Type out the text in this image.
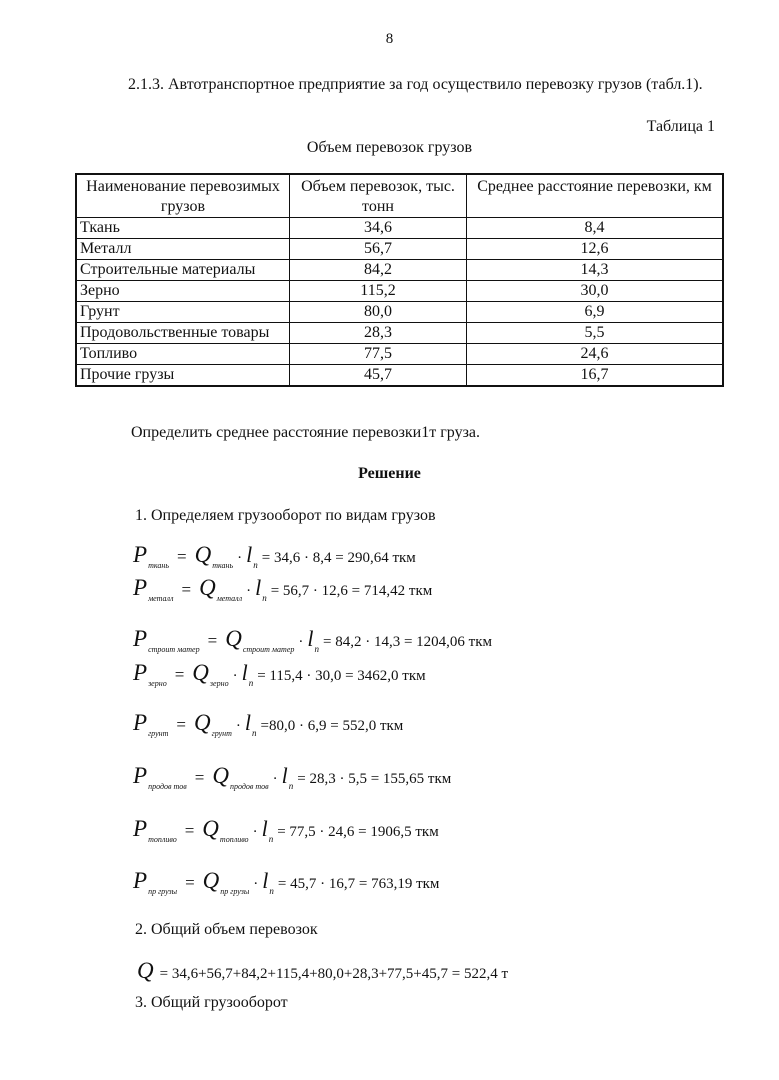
8
2.1.3. Автотранспортное предприятие за год осуществило перевозку грузов (табл.1).
Таблица 1
Объем перевозок грузов
Наименование перевозимых грузов	Объем перевозок, тыс. тонн	Среднее расстояние перевозки, км
Ткань	34,6	8,4
Металл	56,7	12,6
Строительные материалы	84,2	14,3
Зерно	115,2	30,0
Грунт	80,0	6,9
Продовольственные товары	28,3	5,5
Топливо	77,5	24,6
Прочие грузы	45,7	16,7
Определить среднее расстояние перевозки1т груза.
Решение
1. Определяем грузооборот по видам грузов
$P_{ткань} = Q_{ткань} \cdot l_п = 34,6 \cdot 8,4 = 290,64$ ткм
$P_{металл} = Q_{металл} \cdot l_п = 56,7 \cdot 12,6 = 714,42$ ткм
$P_{строит матер} = Q_{строит матер} \cdot l_п = 84,2 \cdot 14,3 = 1204,06$ ткм
$P_{зерно} = Q_{зерно} \cdot l_п = 115,4 \cdot 30,0 = 3462,0$ ткм
$P_{грунт} = Q_{грунт} \cdot l_п =80,0 \cdot 6,9 = 552,0$ ткм
$P_{продов тов} = Q_{продов тов} \cdot l_п = 28,3 \cdot 5,5 = 155,65$ ткм
$P_{топливо} = Q_{топливо} \cdot l_п = 77,5 \cdot 24,6 = 1906,5$ ткм
$P_{пр грузы} = Q_{пр грузы} \cdot l_п = 45,7 \cdot 16,7 = 763,19$ ткм
2. Общий объем перевозок
Q = 34,6+56,7+84,2+115,4+80,0+28,3+77,5+45,7 = 522,4 т
3. Общий грузооборот
